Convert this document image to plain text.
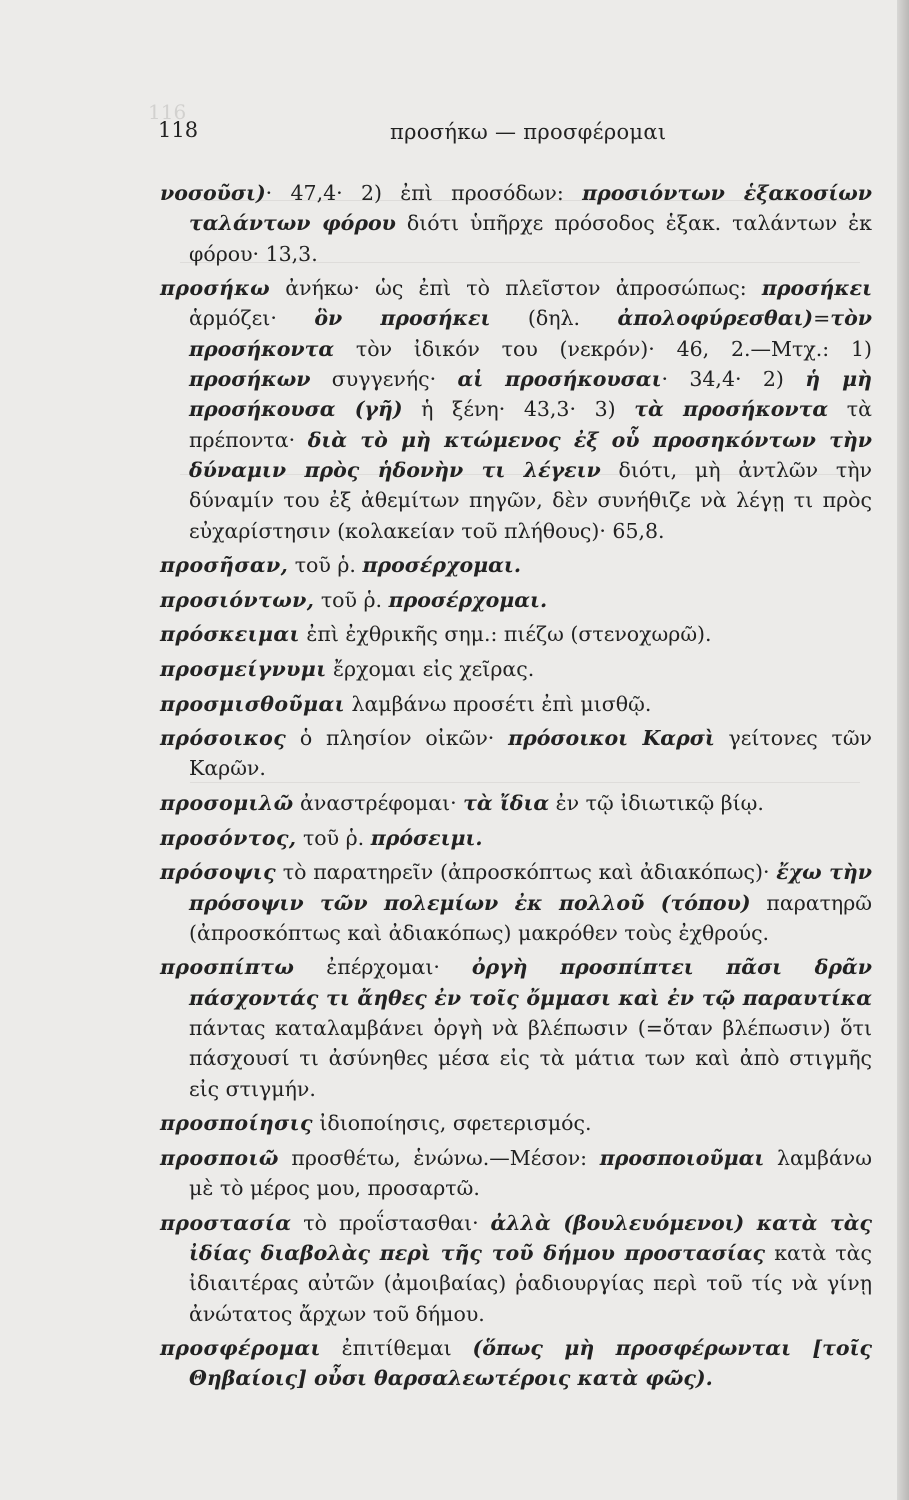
116
118	προσήκω — προσφέρομαι

νοσοῦσι)· 47,4· 2) ἐπὶ προσόδων: προσιόντων ἑξακοσίων ταλάντων φόρου διότι ὑπῆρχε πρόσοδος ἑξακ. ταλάντων ἐκ φόρου· 13,3.

προσήκω ἀνήκω· ὡς ἐπὶ τὸ πλεῖστον ἀπροσώπως: προσήκει ἁρμόζει· ὃν προσήκει (δηλ. ἀπολοφύρεσθαι)=τὸν προσήκοντα τὸν ἰδικόν του (νεκρόν)· 46, 2.—Μτχ.: 1) προσήκων συγγενής· αἱ προσήκουσαι· 34,4· 2) ἡ μὴ προσήκουσα (γῆ) ἡ ξένη· 43,3· 3) τὰ προσήκοντα τὰ πρέποντα· διὰ τὸ μὴ κτώμενος ἐξ οὗ προσηκόντων τὴν δύναμιν πρὸς ἡδονὴν τι λέγειν διότι, μὴ ἀντλῶν τὴν δύναμίν του ἐξ ἀθεμίτων πηγῶν, δὲν συνήθιζε νὰ λέγῃ τι πρὸς εὐχαρίστησιν (κολακείαν τοῦ πλήθους)· 65,8.

προσῆσαν, τοῦ ῥ. προσέρχομαι.

προσιόντων, τοῦ ῥ. προσέρχομαι.

πρόσκειμαι ἐπὶ ἐχθρικῆς σημ.: πιέζω (στενοχωρῶ).

προσμείγνυμι ἔρχομαι εἰς χεῖρας.

προσμισθοῦμαι λαμβάνω προσέτι ἐπὶ μισθῷ.

πρόσοικος ὁ πλησίον οἰκῶν· πρόσοικοι Καρσὶ γείτονες τῶν Καρῶν.

προσομιλῶ ἀναστρέφομαι· τὰ ἴδια ἐν τῷ ἰδιωτικῷ βίῳ.

προσόντος, τοῦ ῥ. πρόσειμι.

πρόσοψις τὸ παρατηρεῖν (ἀπροσκόπτως καὶ ἀδιακόπως)· ἔχω τὴν πρόσοψιν τῶν πολεμίων ἐκ πολλοῦ (τόπου) παρατηρῶ (ἀπροσκόπτως καὶ ἀδιακόπως) μακρόθεν τοὺς ἐχθρούς.

προσπίπτω ἐπέρχομαι· ὀργὴ προσπίπτει πᾶσι δρᾶν πάσχοντάς τι ἄηθες ἐν τοῖς ὄμμασι καὶ ἐν τῷ παραυτίκα πάντας καταλαμβάνει ὀργὴ νὰ βλέπωσιν (=ὅταν βλέπωσιν) ὅτι πάσχουσί τι ἀσύνηθες μέσα εἰς τὰ μάτια των καὶ ἀπὸ στιγμῆς εἰς στιγμήν.

προσποίησις ἰδιοποίησις, σφετερισμός.

προσποιῶ προσθέτω, ἑνώνω.—Μέσον: προσποιοῦμαι λαμβάνω μὲ τὸ μέρος μου, προσαρτῶ.

προστασία τὸ προΐστασθαι· ἀλλὰ (βουλευόμενοι) κατὰ τὰς ἰδίας διαβολὰς περὶ τῆς τοῦ δήμου προστασίας κατὰ τὰς ἰδιαιτέρας αὐτῶν (ἀμοιβαίας) ῥαδιουργίας περὶ τοῦ τίς νὰ γίνῃ ἀνώτατος ἄρχων τοῦ δήμου.

προσφέρομαι ἐπιτίθεμαι (ὅπως μὴ προσφέρωνται [τοῖς Θηβαίοις] οὖσι θαρσαλεωτέροις κατὰ φῶς).
